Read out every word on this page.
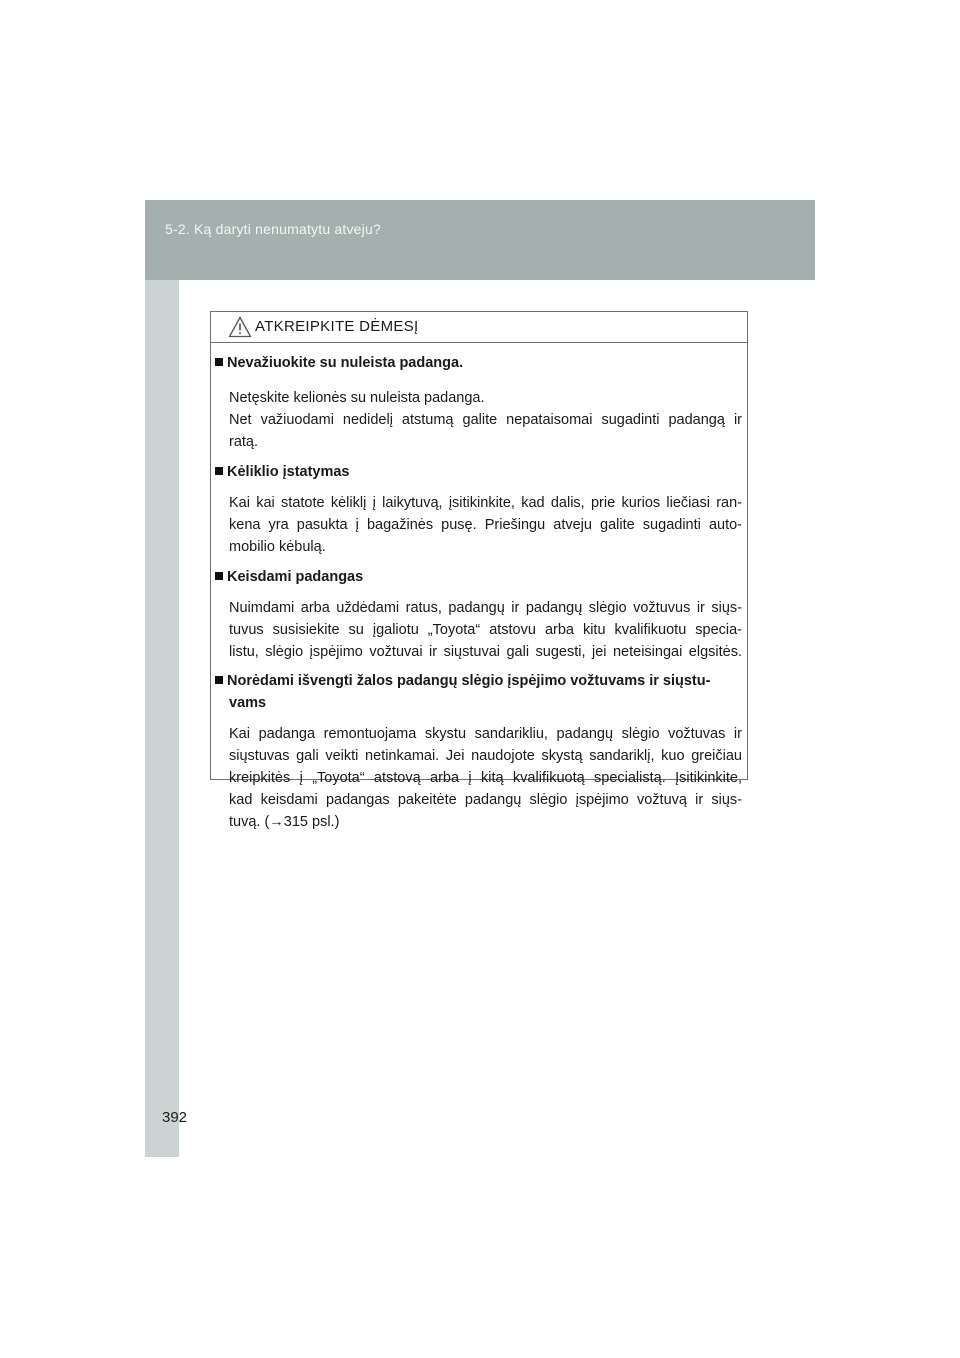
5-2. Ką daryti nenumatytu atveju?
392
ATKREIPKITE DĖMESĮ
Nevažiuokite su nuleista padanga.
Netęskite kelionės su nuleista padanga.
Net važiuodami nedidelį atstumą galite nepataisomai sugadinti padangą ir
ratą.
Kėliklio įstatymas
Kai kai statote kėliklį į laikytuvą, įsitikinkite, kad dalis, prie kurios liečiasi ran-
kena yra pasukta į bagažinės pusę. Priešingu atveju galite sugadinti auto-
mobilio kėbulą.
Keisdami padangas
Nuimdami arba uždėdami ratus, padangų ir padangų slėgio vožtuvus ir siųs-
tuvus susisiekite su įgaliotu „Toyota“ atstovu arba kitu kvalifikuotu specia-
listu, slėgio įspėjimo vožtuvai ir siųstuvai gali sugesti, jei neteisingai elgsitės.
Norėdami išvengti žalos padangų slėgio įspėjimo vožtuvams ir siųstu-
vams
Kai padanga remontuojama skystu sandarikliu, padangų slėgio vožtuvas ir
siųstuvas gali veikti netinkamai. Jei naudojote skystą sandariklį, kuo greičiau
kreipkitės į „Toyota“ atstovą arba į kitą kvalifikuotą specialistą. Įsitikinkite,
kad keisdami padangas pakeitėte padangų slėgio įspėjimo vožtuvą ir siųs-
tuvą. (→315 psl.)
